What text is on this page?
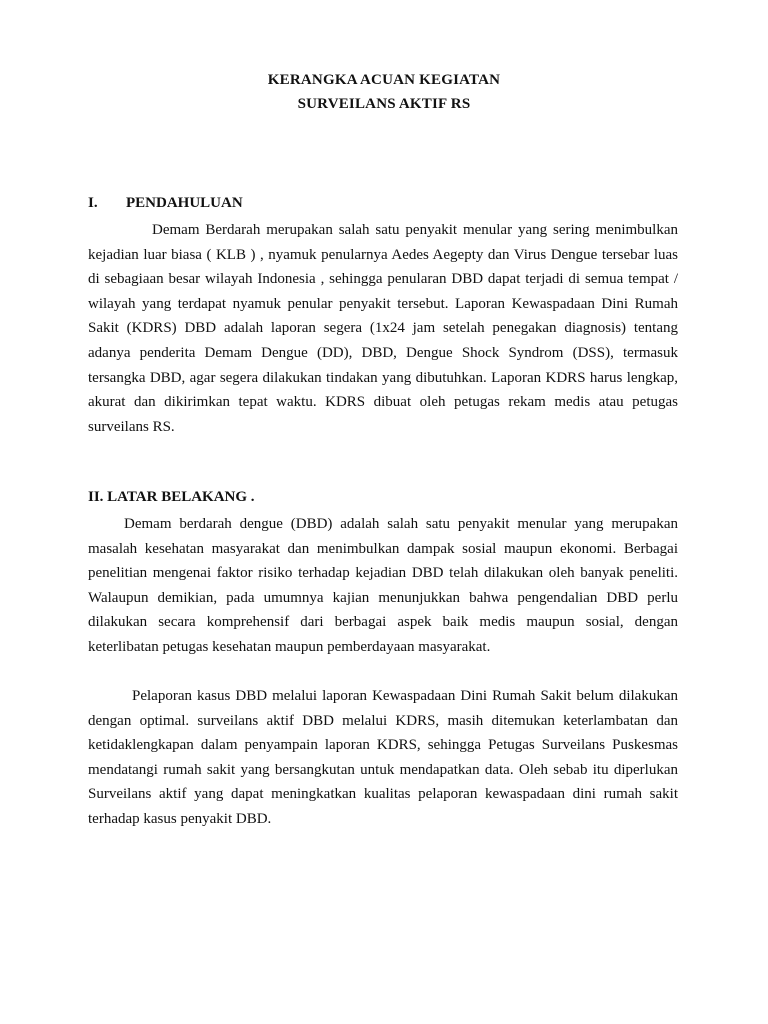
KERANGKA ACUAN KEGIATAN
SURVEILANS AKTIF RS
I. PENDAHULUAN

Demam Berdarah merupakan salah satu penyakit menular yang sering menimbulkan kejadian luar biasa ( KLB ) , nyamuk penularnya Aedes Aegepty dan Virus Dengue tersebar luas di sebagiaan besar wilayah Indonesia , sehingga penularan DBD dapat terjadi di semua tempat / wilayah yang terdapat nyamuk penular penyakit tersebut. Laporan Kewaspadaan Dini Rumah Sakit (KDRS) DBD adalah laporan segera (1x24 jam setelah penegakan diagnosis) tentang adanya penderita Demam Dengue (DD), DBD, Dengue Shock Syndrom (DSS), termasuk tersangka DBD, agar segera dilakukan tindakan yang dibutuhkan. Laporan KDRS harus lengkap, akurat dan dikirimkan tepat waktu. KDRS dibuat oleh petugas rekam medis atau petugas surveilans RS.

II. LATAR BELAKANG .

Demam berdarah dengue (DBD) adalah salah satu penyakit menular yang merupakan masalah kesehatan masyarakat dan menimbulkan dampak sosial maupun ekonomi. Berbagai penelitian mengenai faktor risiko terhadap kejadian DBD telah dilakukan oleh banyak peneliti. Walaupun demikian, pada umumnya kajian menunjukkan bahwa pengendalian DBD perlu dilakukan secara komprehensif dari berbagai aspek baik medis maupun sosial, dengan keterlibatan petugas kesehatan maupun pemberdayaan masyarakat.

Pelaporan kasus DBD melalui laporan Kewaspadaan Dini Rumah Sakit belum dilakukan dengan optimal. surveilans aktif DBD melalui KDRS, masih ditemukan keterlambatan dan ketidaklengkapan dalam penyampain laporan KDRS, sehingga Petugas Surveilans Puskesmas mendatangi rumah sakit yang bersangkutan untuk mendapatkan data. Oleh sebab itu diperlukan Surveilans aktif yang dapat meningkatkan kualitas pelaporan kewaspadaan dini rumah sakit terhadap kasus penyakit DBD.
